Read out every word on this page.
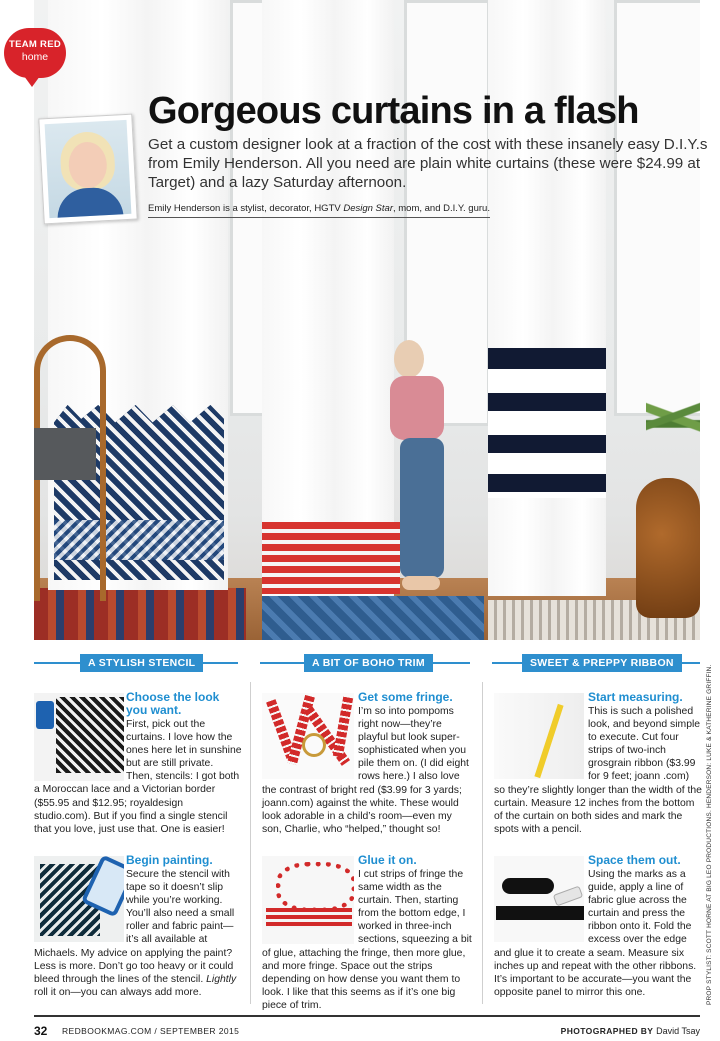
TEAM RED
home
Gorgeous curtains in a flash

Get a custom designer look at a fraction of the cost with these insanely easy D.I.Y.s from Emily Henderson. All you need are plain white curtains (these were $24.99 at Target) and a lazy Saturday afternoon.

Emily Henderson is a stylist, decorator, HGTV Design Star, mom, and D.I.Y. guru.
A STYLISH STENCIL	A BIT OF BOHO TRIM	SWEET & PREPPY RIBBON
Choose the look you want.

First, pick out the curtains. I love how the ones here let in sunshine but are still private. Then, stencils: I got both a Moroccan lace and a Victorian border ($55.95 and $12.95; royaldesign studio.com). But if you find a single stencil that you love, just use that. One is easier!

Begin painting.

Secure the stencil with tape so it doesn’t slip while you’re working. You’ll also need a small roller and fabric paint—it’s all available at Michaels. My advice on applying the paint? Less is more. Don’t go too heavy or it could bleed through the lines of the stencil. Lightly roll it on—you can always add more.

Get some fringe.

I’m so into pompoms right now—they’re playful but look super-sophisticated when you pile them on. (I did eight rows here.) I also love the contrast of bright red ($3.99 for 3 yards; joann.com) against the white. These would look adorable in a child’s room—even my son, Charlie, who “helped,” thought so!

Glue it on.

I cut strips of fringe the same width as the curtain. Then, starting from the bottom edge, I worked in three-inch sections, squeezing a bit of glue, attaching the fringe, then more glue, and more fringe. Space out the strips depending on how dense you want them to look. I like that this seems as if it’s one big piece of trim.

Start measuring.

This is such a polished look, and beyond simple to execute. Cut four strips of two-inch grosgrain ribbon ($3.99 for 9 feet; joann .com) so they’re slightly longer than the width of the curtain. Measure 12 inches from the bottom of the curtain on both sides and mark the spots with a pencil.

Space them out.

Using the marks as a guide, apply a line of fabric glue across the curtain and press the ribbon onto it. Fold the excess over the edge and glue it to create a seam. Measure six inches up and repeat with the other ribbons. It’s important to be accurate—you want the opposite panel to mirror this one.	PROP STYLIST: SCOTT HORNE AT BIG LEO PRODUCTIONS. HENDERSON: LUKE & KATHERINE GRIFFIN.
32 REDBOOKMAG.COM / SEPTEMBER 2015	PHOTOGRAPHED BY David Tsay
